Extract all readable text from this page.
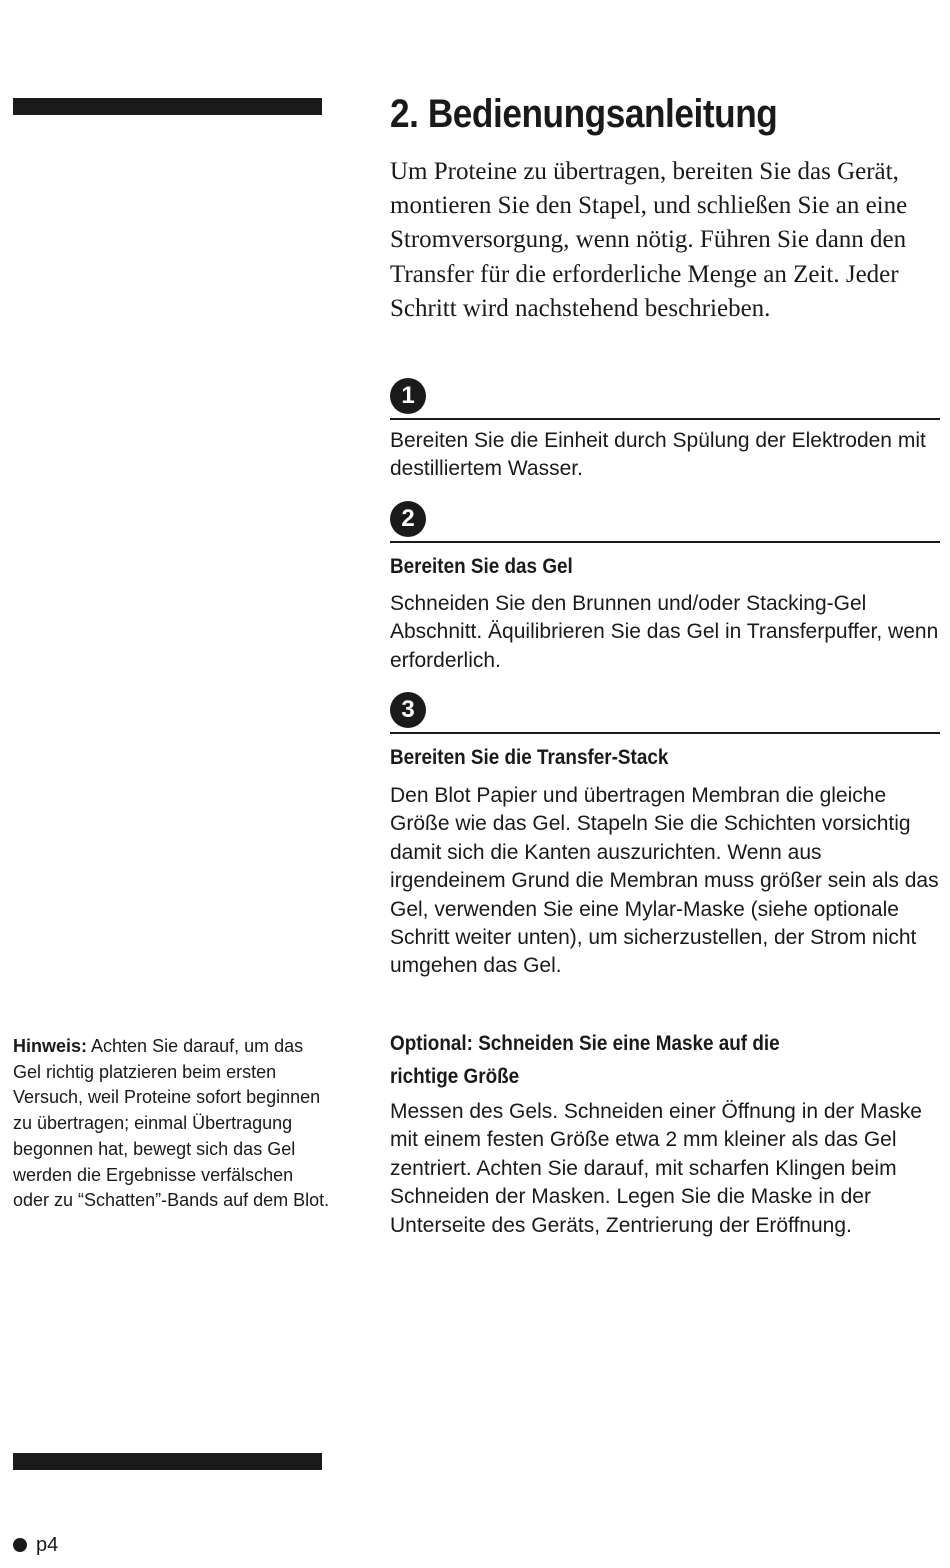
2. Bedienungsanleitung

Um Proteine zu übertragen, bereiten Sie das Gerät, montieren Sie den Stapel, und schließen Sie an eine Stromversorgung, wenn nötig. Führen Sie dann den Transfer für die erforderliche Menge an Zeit. Jeder Schritt wird nachstehend beschrieben.

1

Bereiten Sie die Einheit durch Spülung der Elektroden mit destilliertem Wasser.

2
Bereiten Sie das Gel

Schneiden Sie den Brunnen und/oder Stacking-Gel Abschnitt. Äquilibrieren Sie das Gel in Transferpuffer, wenn erforderlich.

3
Bereiten Sie die Transfer-Stack

Den Blot Papier und übertragen Membran die gleiche Größe wie das Gel. Stapeln Sie die Schichten vorsichtig damit sich die Kanten auszurichten. Wenn aus irgendeinem Grund die Membran muss größer sein als das Gel, verwenden Sie eine Mylar-Maske (siehe optionale Schritt weiter unten), um sicherzustellen, der Strom nicht umgehen das Gel.

Optional: Schneiden Sie eine Maske auf die richtige Größe

Messen des Gels. Schneiden einer Öffnung in der Maske mit einem festen Größe etwa 2 mm kleiner als das Gel zentriert. Achten Sie darauf, mit scharfen Klingen beim Schneiden der Masken. Legen Sie die Maske in der Unterseite des Geräts, Zentrierung der Eröffnung.

Hinweis: Achten Sie darauf, um das Gel richtig platzieren beim ersten Versuch, weil Proteine sofort beginnen zu übertragen; einmal Übertragung begonnen hat, bewegt sich das Gel werden die Ergebnisse verfälschen oder zu “Schatten”-Bands auf dem Blot.

p4
